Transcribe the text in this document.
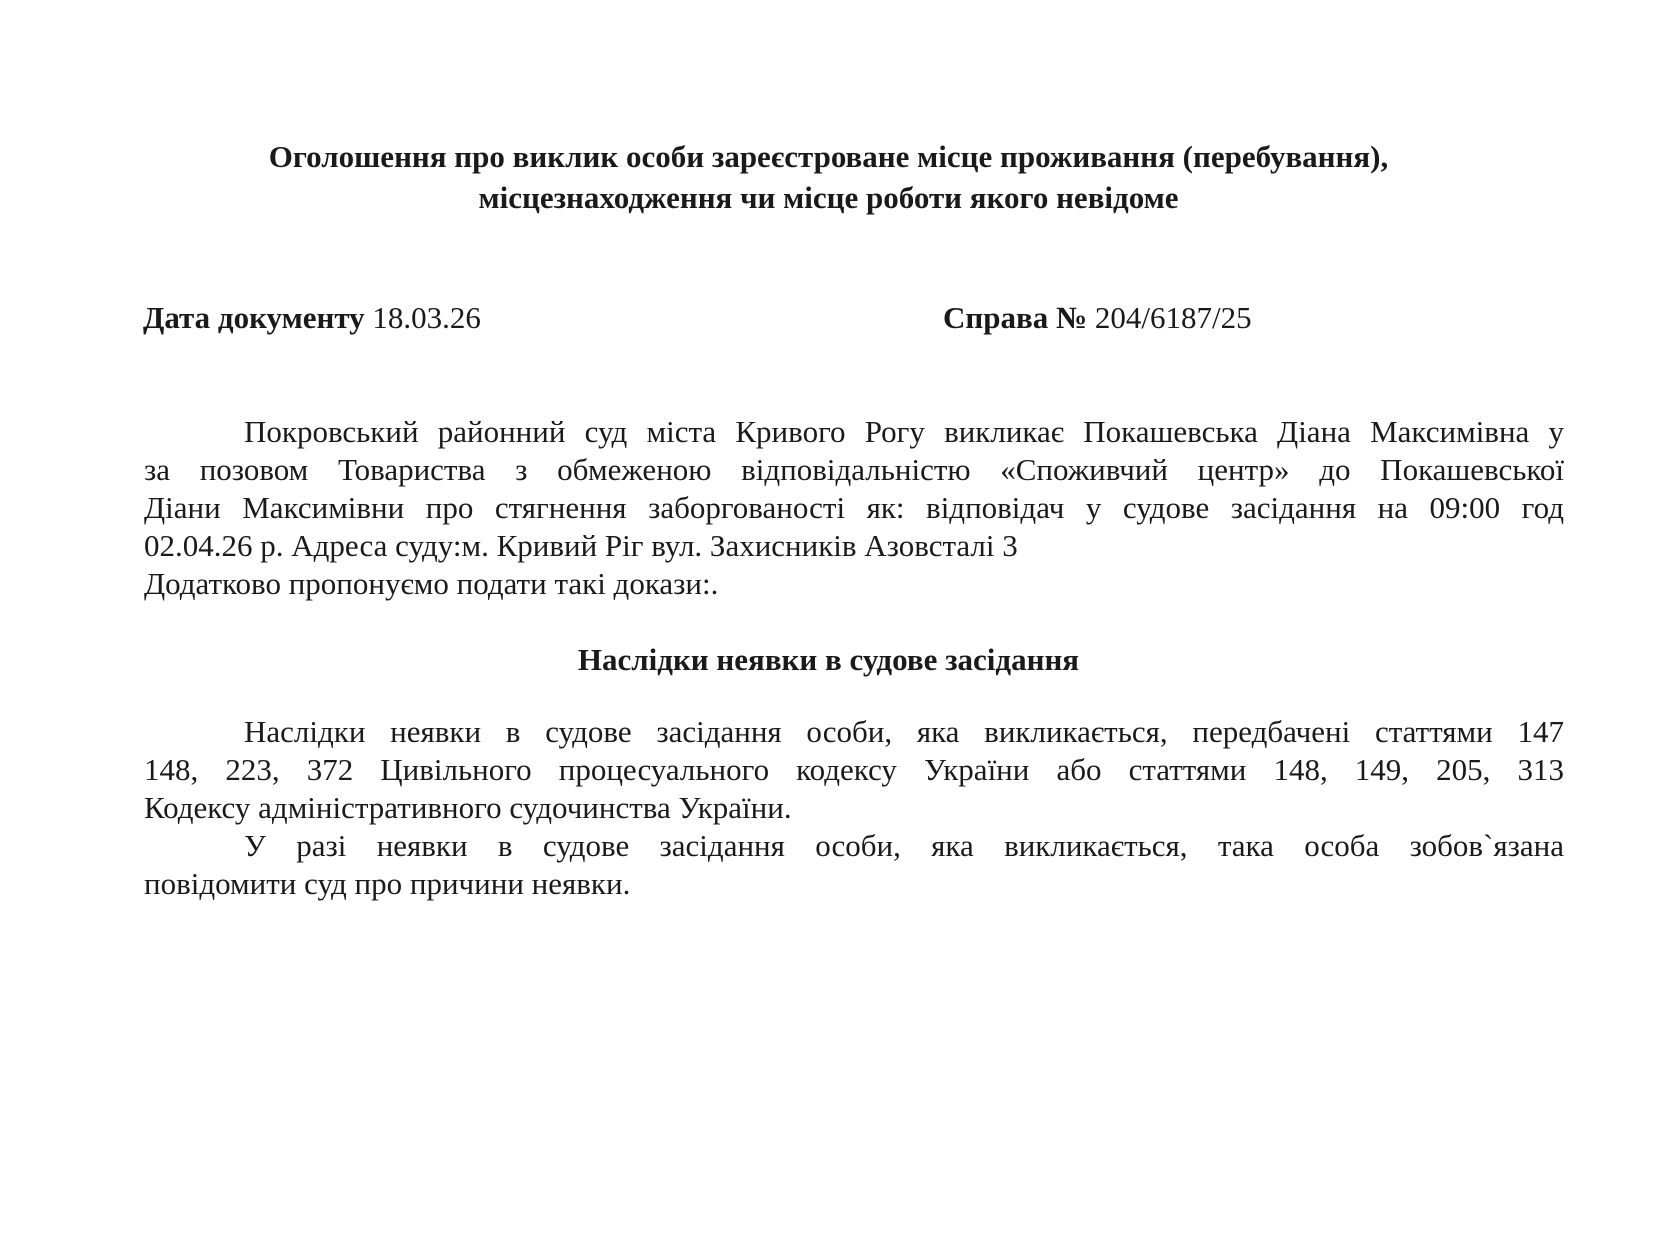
Оголошення про виклик особи зареєстроване місце проживання (перебування),
місцезнаходження чи місце роботи якого невідоме
Дата документу 18.03.26	Справа № 204/6187/25
Покровський районний суд міста Кривого Рогу викликає Покашевська Діана Максимівна у
за позовом Товариства з обмеженою відповідальністю «Споживчий центр» до Покашевської
Діани Максимівни про стягнення заборгованості як: відповідач у судове засідання на 09:00 год
02.04.26 р. Адреса суду:м. Кривий Ріг вул. Захисників Азовсталі 3
Додатково пропонуємо подати такі докази:.
Наслідки неявки в судове засідання
Наслідки неявки в судове засідання особи, яка викликається, передбачені статтями 147
148, 223, 372 Цивільного процесуального кодексу України або статтями 148, 149, 205, 313
Кодексу адміністративного судочинства України.
У разі неявки в судове засідання особи, яка викликається, така особа зобов`язана
повідомити суд про причини неявки.
